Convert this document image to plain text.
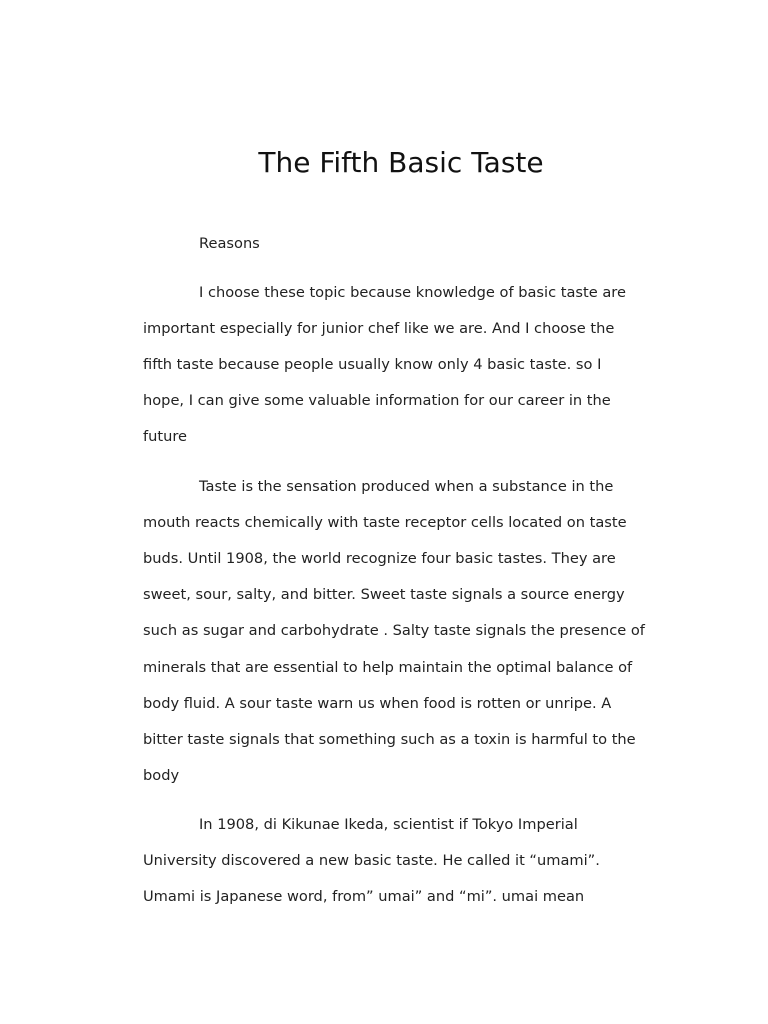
The Fifth Basic Taste
Reasons
I choose these topic because knowledge of basic taste are
important especially for junior chef like we are. And I choose the
fifth taste because people usually know only 4 basic taste. so I
hope, I can give some valuable information for our career in the
future
Taste is the sensation produced when a substance in the
mouth reacts chemically with taste receptor cells located on taste
buds. Until 1908, the world recognize four basic tastes. They are
sweet, sour, salty, and bitter. Sweet taste signals a source energy
such as sugar and carbohydrate . Salty taste signals the presence of
minerals that are essential to help maintain the optimal balance of
body fluid. A sour taste warn us when food is rotten or unripe. A
bitter taste signals that something such as a toxin is harmful to the
body
In 1908, di Kikunae Ikeda, scientist if Tokyo Imperial
University discovered a new basic taste. He called it “umami”.
Umami is Japanese word, from” umai” and “mi”. umai mean
